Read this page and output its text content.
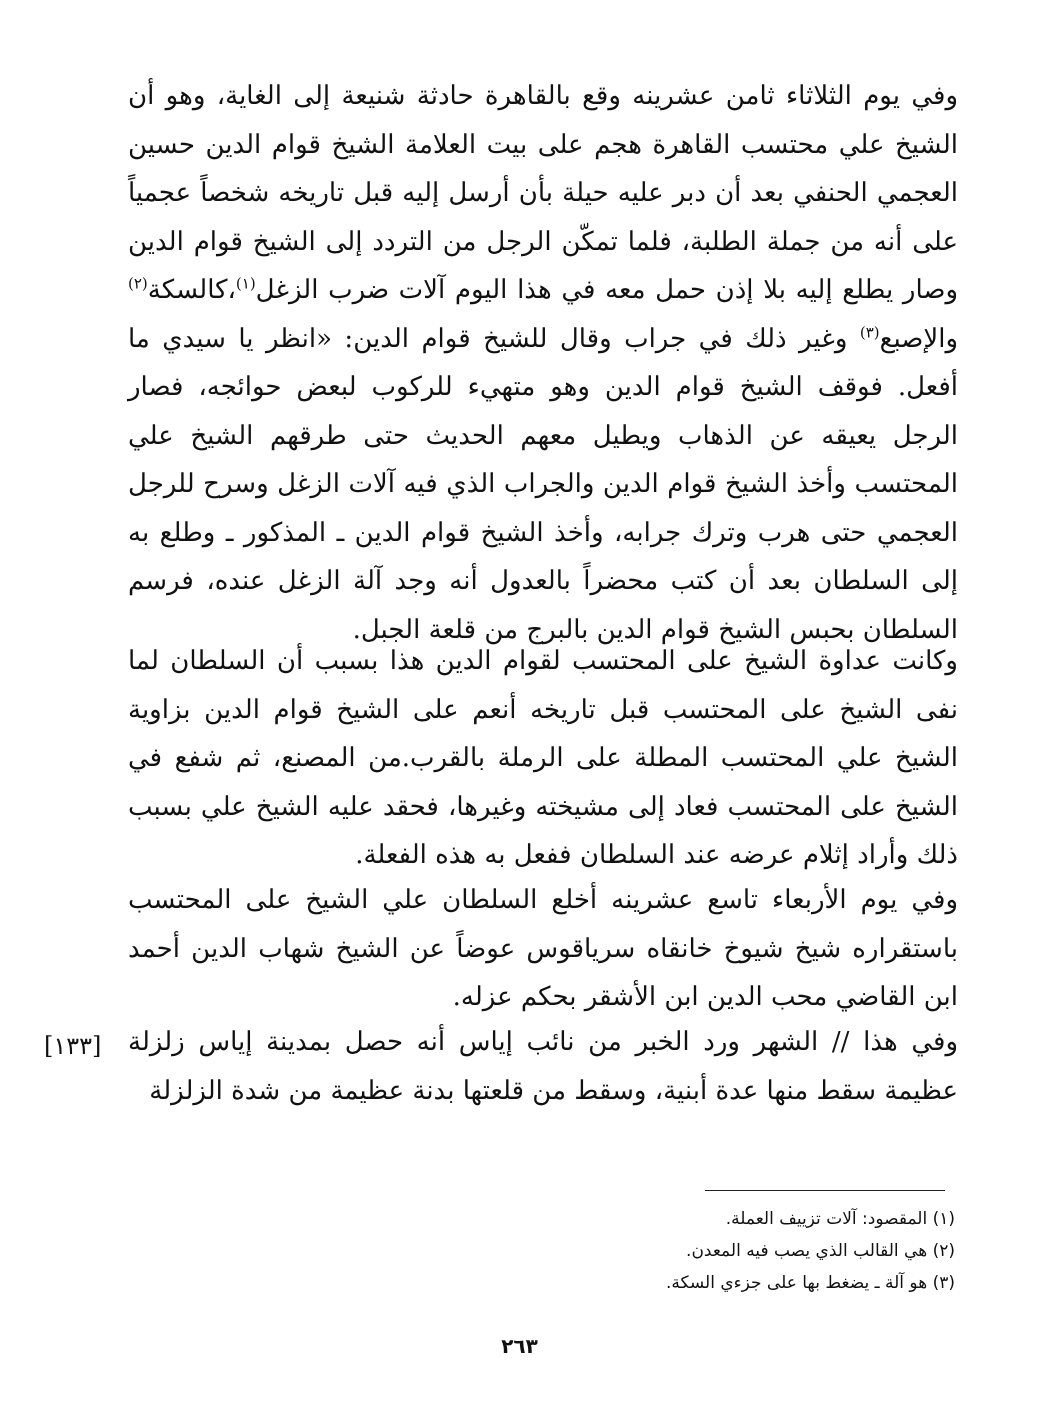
وفي يوم الثلاثاء ثامن عشرينه وقع بالقاهرة حادثة شنيعة إلى الغاية، وهو أن الشيخ علي محتسب القاهرة هجم على بيت العلامة الشيخ قوام الدين حسين العجمي الحنفي بعد أن دبر عليه حيلة بأن أرسل إليه قبل تاريخه شخصاً عجمياً على أنه من جملة الطلبة، فلما تمكّن الرجل من التردد إلى الشيخ قوام الدين وصار يطلع إليه بلا إذن حمل معه في هذا اليوم آلات ضرب الزغل$^{(١)}$،كالسكة$^{(٢)}$ والإصبع$^{(٣)}$ وغير ذلك في جراب وقال للشيخ قوام الدين: «انظر يا سيدي ما أفعل. فوقف الشيخ قوام الدين وهو متهيء للركوب لبعض حوائجه، فصار الرجل يعيقه عن الذهاب ويطيل معهم الحديث حتى طرقهم الشيخ علي المحتسب وأخذ الشيخ قوام الدين والجراب الذي فيه آلات الزغل وسرح للرجل العجمي حتى هرب وترك جرابه، وأخذ الشيخ قوام الدين ـ المذكور ـ وطلع به إلى السلطان بعد أن كتب محضراً بالعدول أنه وجد آلة الزغل عنده، فرسم السلطان بحبس الشيخ قوام الدين بالبرج من قلعة الجبل.

وكانت عداوة الشيخ على المحتسب لقوام الدين هذا بسبب أن السلطان لما نفى الشيخ على المحتسب قبل تاريخه أنعم على الشيخ قوام الدين بزاوية الشيخ علي المحتسب المطلة على الرملة بالقرب.من المصنع، ثم شفع في الشيخ على المحتسب فعاد إلى مشيخته وغيرها، فحقد عليه الشيخ علي بسبب ذلك وأراد إثلام عرضه عند السلطان ففعل به هذه الفعلة.

وفي يوم الأربعاء تاسع عشرينه أخلع السلطان علي الشيخ على المحتسب باستقراره شيخ شيوخ خانقاه سرياقوس عوضاً عن الشيخ شهاب الدين أحمد ابن القاضي محب الدين ابن الأشقر بحكم عزله.

وفي هذا // الشهر ورد الخبر من نائب إياس أنه حصل بمدينة إياس زلزلة عظيمة سقط منها عدة أبنية، وسقط من قلعتها بدنة عظيمة من شدة الزلزلة

[١٣٣]
(١) المقصود: آلات تزييف العملة.
(٢) هي القالب الذي يصب فيه المعدن.
(٣) هو آلة ـ يضغط بها على جزءي السكة.
٢٦٣
